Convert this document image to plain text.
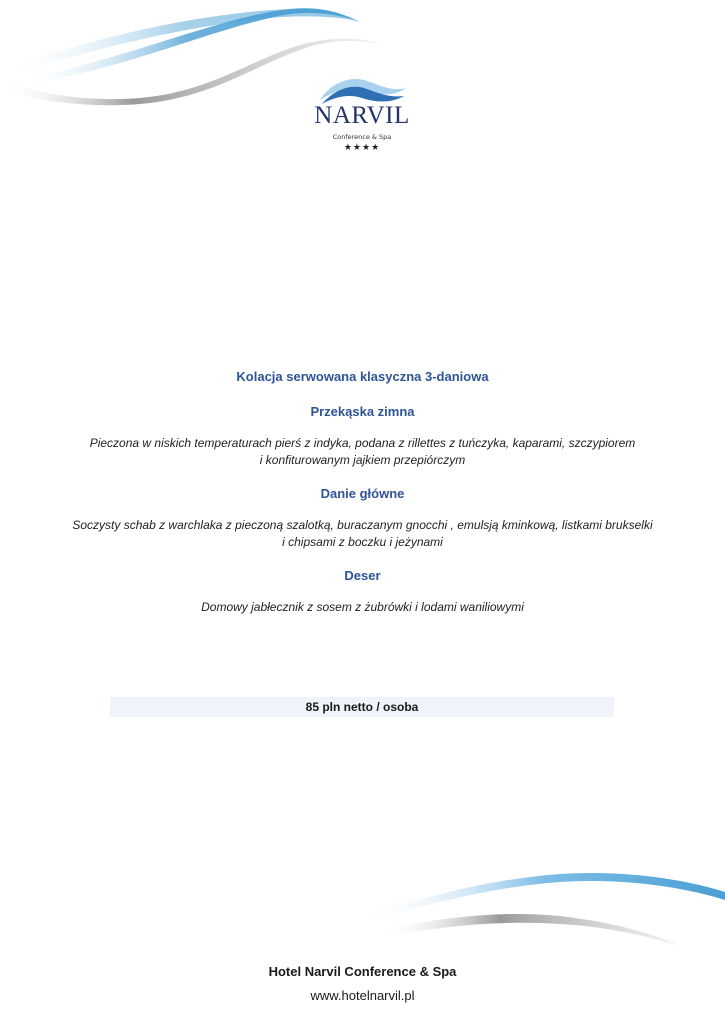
NARVIL
Conference & Spa
★★★★
Kolacja serwowana klasyczna 3-daniowa
Przekąska zimna
Pieczona w niskich temperaturach pierś z indyka, podana z rillettes z tuńczyka, kaparami, szczypiorem
i konfiturowanym jajkiem przepiórczym
Danie główne
Soczysty schab z warchlaka z pieczoną szalotką, buraczanym gnocchi , emulsją kminkową, listkami brukselki
i chipsami z boczku i jeżynami
Deser
Domowy jabłecznik z sosem z żubrówki i lodami waniliowymi
85 pln netto / osoba
Hotel Narvil Conference & Spa
www.hotelnarvil.pl
